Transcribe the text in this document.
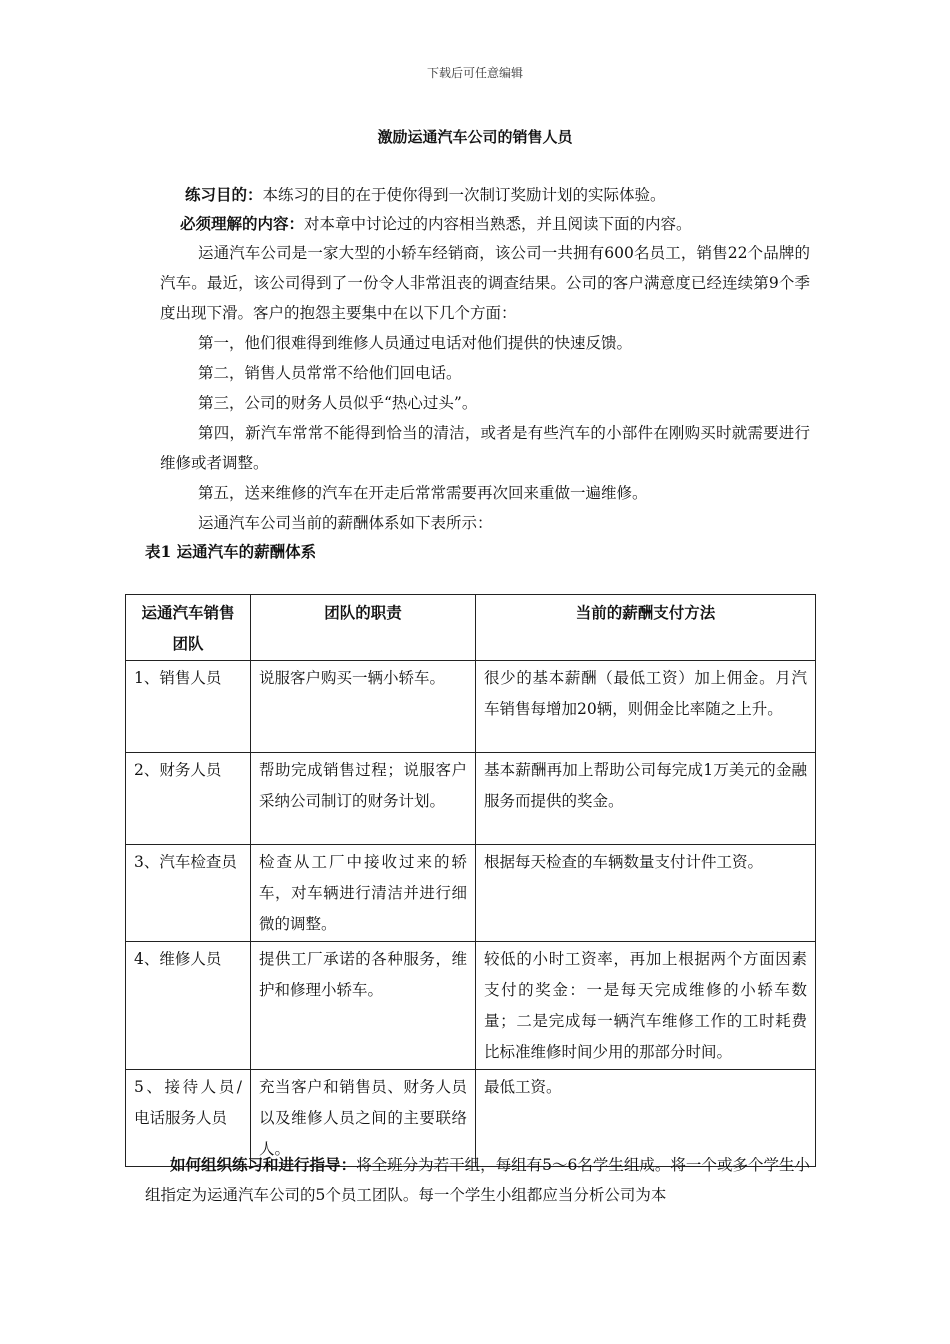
下载后可任意编辑
激励运通汽车公司的销售人员
练习目的：本练习的目的在于使你得到一次制订奖励计划的实际体验。
必须理解的内容：对本章中讨论过的内容相当熟悉，并且阅读下面的内容。
运通汽车公司是一家大型的小轿车经销商，该公司一共拥有600名员工，销售22个品牌的汽车。最近，该公司得到了一份令人非常沮丧的调查结果。公司的客户满意度已经连续第9个季度出现下滑。客户的抱怨主要集中在以下几个方面：
第一，他们很难得到维修人员通过电话对他们提供的快速反馈。
第二，销售人员常常不给他们回电话。
第三，公司的财务人员似乎“热心过头”。
第四，新汽车常常不能得到恰当的清洁，或者是有些汽车的小部件在刚购买时就需要进行维修或者调整。
第五，送来维修的汽车在开走后常常需要再次回来重做一遍维修。
运通汽车公司当前的薪酬体系如下表所示：
表1 运通汽车的薪酬体系
运通汽车销售团队	团队的职责	当前的薪酬支付方法
1、销售人员	说服客户购买一辆小轿车。	很少的基本薪酬（最低工资）加上佣金。月汽车销售每增加20辆，则佣金比率随之上升。
2、财务人员	帮助完成销售过程；说服客户采纳公司制订的财务计划。	基本薪酬再加上帮助公司每完成1万美元的金融服务而提供的奖金。
3、汽车检查员	检查从工厂中接收过来的轿车，对车辆进行清洁并进行细微的调整。	根据每天检查的车辆数量支付计件工资。
4、维修人员	提供工厂承诺的各种服务，维护和修理小轿车。	较低的小时工资率，再加上根据两个方面因素支付的奖金：一是每天完成维修的小轿车数量；二是完成每一辆汽车维修工作的工时耗费比标准维修时间少用的那部分时间。
5、接待人员/电话服务人员	充当客户和销售员、财务人员以及维修人员之间的主要联络人。	最低工资。
如何组织练习和进行指导：将全班分为若干组，每组有5～6名学生组成。将一个或多个学生小组指定为运通汽车公司的5个员工团队。每一个学生小组都应当分析公司为本
